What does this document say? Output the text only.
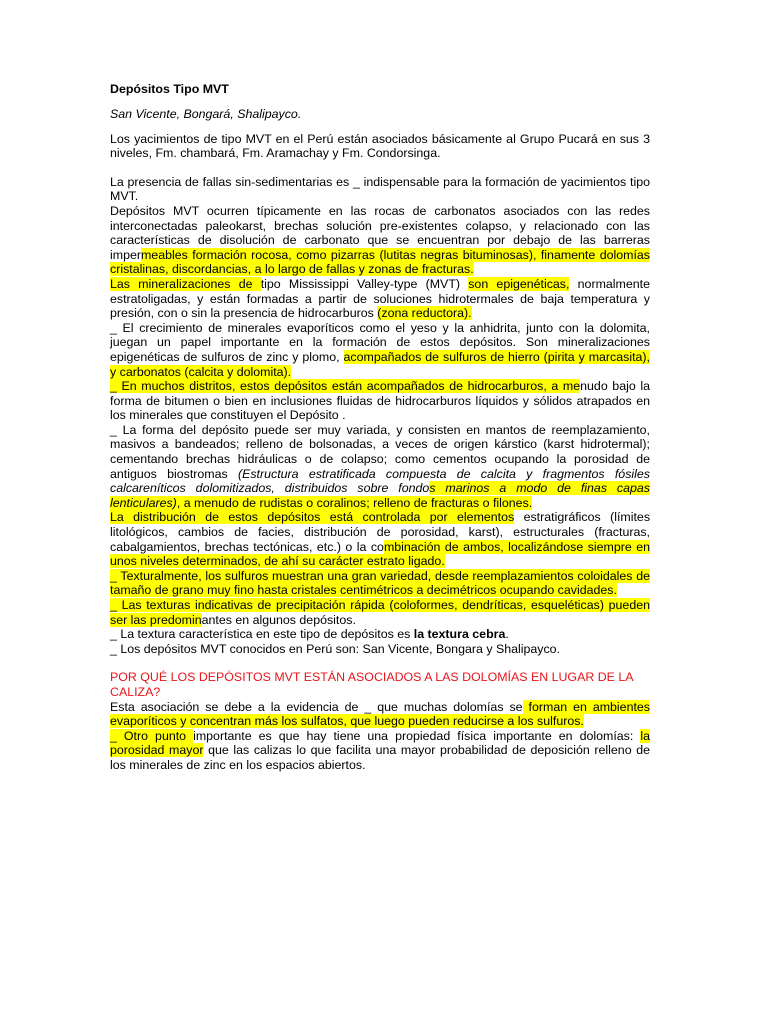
Depósitos Tipo MVT

San Vicente, Bongará, Shalipayco.

Los yacimientos de tipo MVT en el Perú están asociados básicamente al Grupo Pucará en sus 3 niveles, Fm. chambará, Fm. Aramachay y Fm. Condorsinga.

La presencia de fallas sin-sedimentarias es _ indispensable para la formación de yacimientos tipo MVT.

Depósitos MVT ocurren típicamente en las rocas de carbonatos asociados con las redes interconectadas paleokarst, brechas solución pre-existentes colapso, y relacionado con las características de disolución de carbonato que se encuentran por debajo de las barreras impermeables formación rocosa, como pizarras (lutitas negras bituminosas), finamente dolomías cristalinas, discordancias, a lo largo de fallas y zonas de fracturas.

Las mineralizaciones de tipo Mississippi Valley-type (MVT) son epigenéticas, normalmente estratoligadas, y están formadas a partir de soluciones hidrotermales de baja temperatura y presión, con o sin la presencia de hidrocarburos (zona reductora).

_ El crecimiento de minerales evaporíticos como el yeso y la anhidrita, junto con la dolomita, juegan un papel importante en la formación de estos depósitos. Son mineralizaciones epigenéticas de sulfuros de zinc y plomo, acompañados de sulfuros de hierro (pirita y marcasita), y carbonatos (calcita y dolomita).

_ En muchos distritos, estos depósitos están acompañados de hidrocarburos, a menudo bajo la forma de bitumen o bien en inclusiones fluidas de hidrocarburos líquidos y sólidos atrapados en los minerales que constituyen el Depósito .

_ La forma del depósito puede ser muy variada, y consisten en mantos de reemplazamiento, masivos a bandeados; relleno de bolsonadas, a veces de origen kárstico (karst hidrotermal); cementando brechas hidráulicas o de colapso; como cementos ocupando la porosidad de antiguos biostromas (Estructura estratificada compuesta de calcita y fragmentos fósiles calcareníticos dolomitizados, distribuidos sobre fondos marinos a modo de finas capas lenticulares), a menudo de rudistas o coralinos; relleno de fracturas o filones.

La distribución de estos depósitos está controlada por elementos estratigráficos (límites litológicos, cambios de facies, distribución de porosidad, karst), estructurales (fracturas, cabalgamientos, brechas tectónicas, etc.) o la combinación de ambos, localizándose siempre en unos niveles determinados, de ahí su carácter estrato ligado.

_ Texturalmente, los sulfuros muestran una gran variedad, desde reemplazamientos coloidales de tamaño de grano muy fino hasta cristales centimétricos a decimétricos ocupando cavidades.

_ Las texturas indicativas de precipitación rápida (coloformes, dendríticas, esqueléticas) pueden ser las predominantes en algunos depósitos.

_ La textura característica en este tipo de depósitos es la textura cebra.

_ Los depósitos MVT conocidos en Perú son: San Vicente, Bongara y Shalipayco.

POR QUÉ LOS DEPÓSITOS MVT ESTÁN ASOCIADOS A LAS DOLOMÍAS EN LUGAR DE LA CALIZA?

Esta asociación se debe a la evidencia de _ que muchas dolomías se forman en ambientes evaporíticos y concentran más los sulfatos, que luego pueden reducirse a los sulfuros.

_ Otro punto importante es que hay tiene una propiedad física importante en dolomías: la porosidad mayor que las calizas lo que facilita una mayor probabilidad de deposición relleno de los minerales de zinc en los espacios abiertos.
